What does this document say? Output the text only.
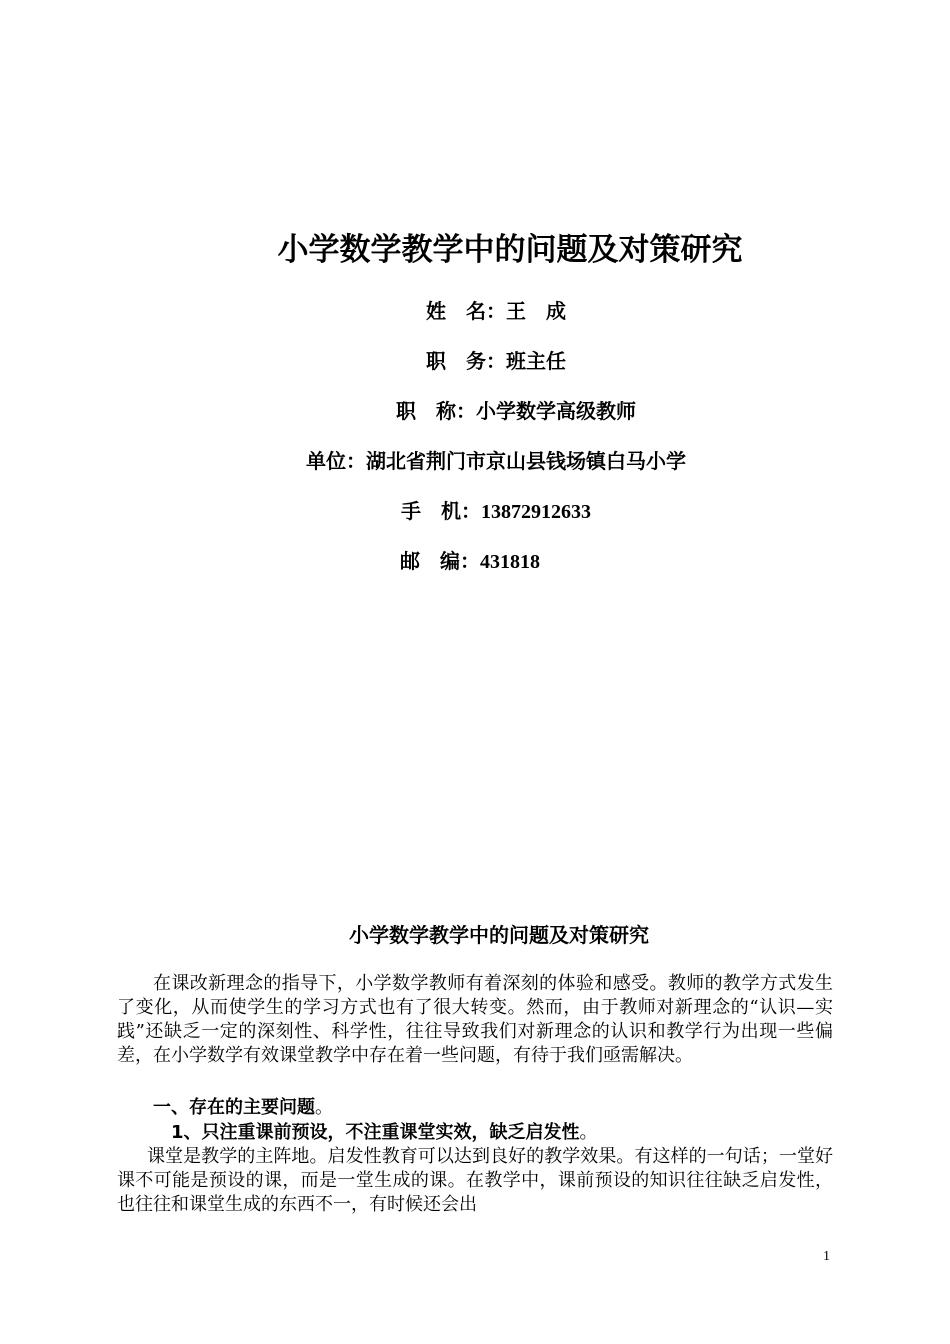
小学数学教学中的问题及对策研究
姓　名：王　成
职　务：班主任
职　称：小学数学高级教师
单位：湖北省荆门市京山县钱场镇白马小学
手　机：13872912633
邮　编：431818
小学数学教学中的问题及对策研究

在课改新理念的指导下，小学数学教师有着深刻的体验和感受。教师的教学方式发生了变化，从而使学生的学习方式也有了很大转变。然而，由于教师对新理念的“认识—实践”还缺乏一定的深刻性、科学性，往往导致我们对新理念的认识和教学行为出现一些偏差，在小学数学有效课堂教学中存在着一些问题，有待于我们亟需解决。

一、存在的主要问题。

1、只注重课前预设，不注重课堂实效，缺乏启发性。

课堂是教学的主阵地。启发性教育可以达到良好的教学效果。有这样的一句话；一堂好课不可能是预设的课，而是一堂生成的课。在教学中，课前预设的知识往往缺乏启发性，也往往和课堂生成的东西不一，有时候还会出

1
